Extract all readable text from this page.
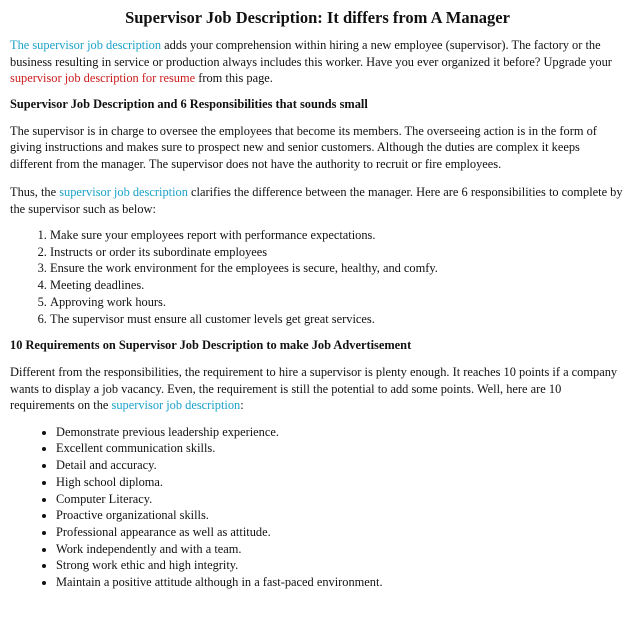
Supervisor Job Description: It differs from A Manager

The supervisor job description adds your comprehension within hiring a new employee (supervisor). The factory or the business resulting in service or production always includes this worker. Have you ever organized it before? Upgrade your supervisor job description for resume from this page.

Supervisor Job Description and 6 Responsibilities that sounds small

The supervisor is in charge to oversee the employees that become its members. The overseeing action is in the form of giving instructions and makes sure to prospect new and senior customers. Although the duties are complex it keeps different from the manager. The supervisor does not have the authority to recruit or fire employees.

Thus, the supervisor job description clarifies the difference between the manager. Here are 6 responsibilities to complete by the supervisor such as below:

1. Make sure your employees report with performance expectations.
2. Instructs or order its subordinate employees
3. Ensure the work environment for the employees is secure, healthy, and comfy.
4. Meeting deadlines.
5. Approving work hours.
6. The supervisor must ensure all customer levels get great services.
10 Requirements on Supervisor Job Description to make Job Advertisement

Different from the responsibilities, the requirement to hire a supervisor is plenty enough. It reaches 10 points if a company wants to display a job vacancy. Even, the requirement is still the potential to add some points. Well, here are 10 requirements on the supervisor job description:

• Demonstrate previous leadership experience.
• Excellent communication skills.
• Detail and accuracy.
• High school diploma.
• Computer Literacy.
• Proactive organizational skills.
• Professional appearance as well as attitude.
• Work independently and with a team.
• Strong work ethic and high integrity.
• Maintain a positive attitude although in a fast-paced environment.
